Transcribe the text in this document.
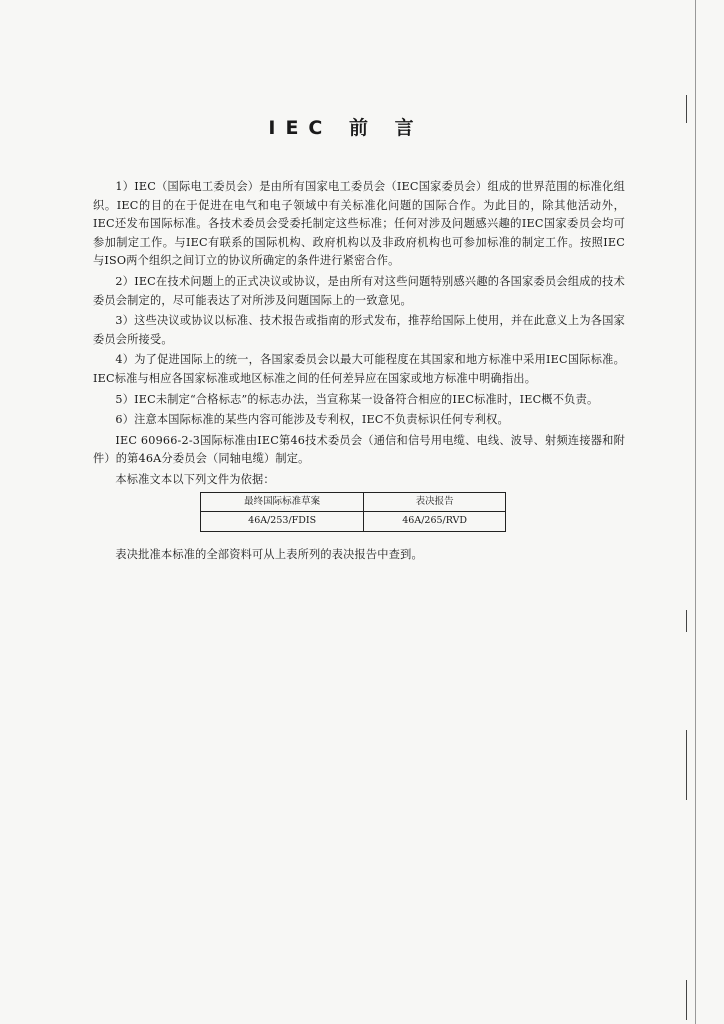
IEC 前 言

1）IEC（国际电工委员会）是由所有国家电工委员会（IEC国家委员会）组成的世界范围的标准化组织。IEC的目的在于促进在电气和电子领域中有关标准化问题的国际合作。为此目的，除其他活动外，IEC还发布国际标准。各技术委员会受委托制定这些标准；任何对涉及问题感兴趣的IEC国家委员会均可参加制定工作。与IEC有联系的国际机构、政府机构以及非政府机构也可参加标准的制定工作。按照IEC与ISO两个组织之间订立的协议所确定的条件进行紧密合作。

2）IEC在技术问题上的正式决议或协议，是由所有对这些问题特别感兴趣的各国家委员会组成的技术委员会制定的，尽可能表达了对所涉及问题国际上的一致意见。

3）这些决议或协议以标准、技术报告或指南的形式发布，推荐给国际上使用，并在此意义上为各国家委员会所接受。

4）为了促进国际上的统一，各国家委员会以最大可能程度在其国家和地方标准中采用IEC国际标准。IEC标准与相应各国家标准或地区标准之间的任何差异应在国家或地方标准中明确指出。

5）IEC未制定“合格标志”的标志办法，当宣称某一设备符合相应的IEC标准时，IEC概不负责。

6）注意本国际标准的某些内容可能涉及专利权，IEC不负责标识任何专利权。

IEC 60966-2-3国际标准由IEC第46技术委员会（通信和信号用电缆、电线、波导、射频连接器和附件）的第46A分委员会（同轴电缆）制定。

本标准文本以下列文件为依据：

最终国际标准草案	表决报告
46A/253/FDIS	46A/265/RVD

表决批准本标准的全部资料可从上表所列的表决报告中查到。
